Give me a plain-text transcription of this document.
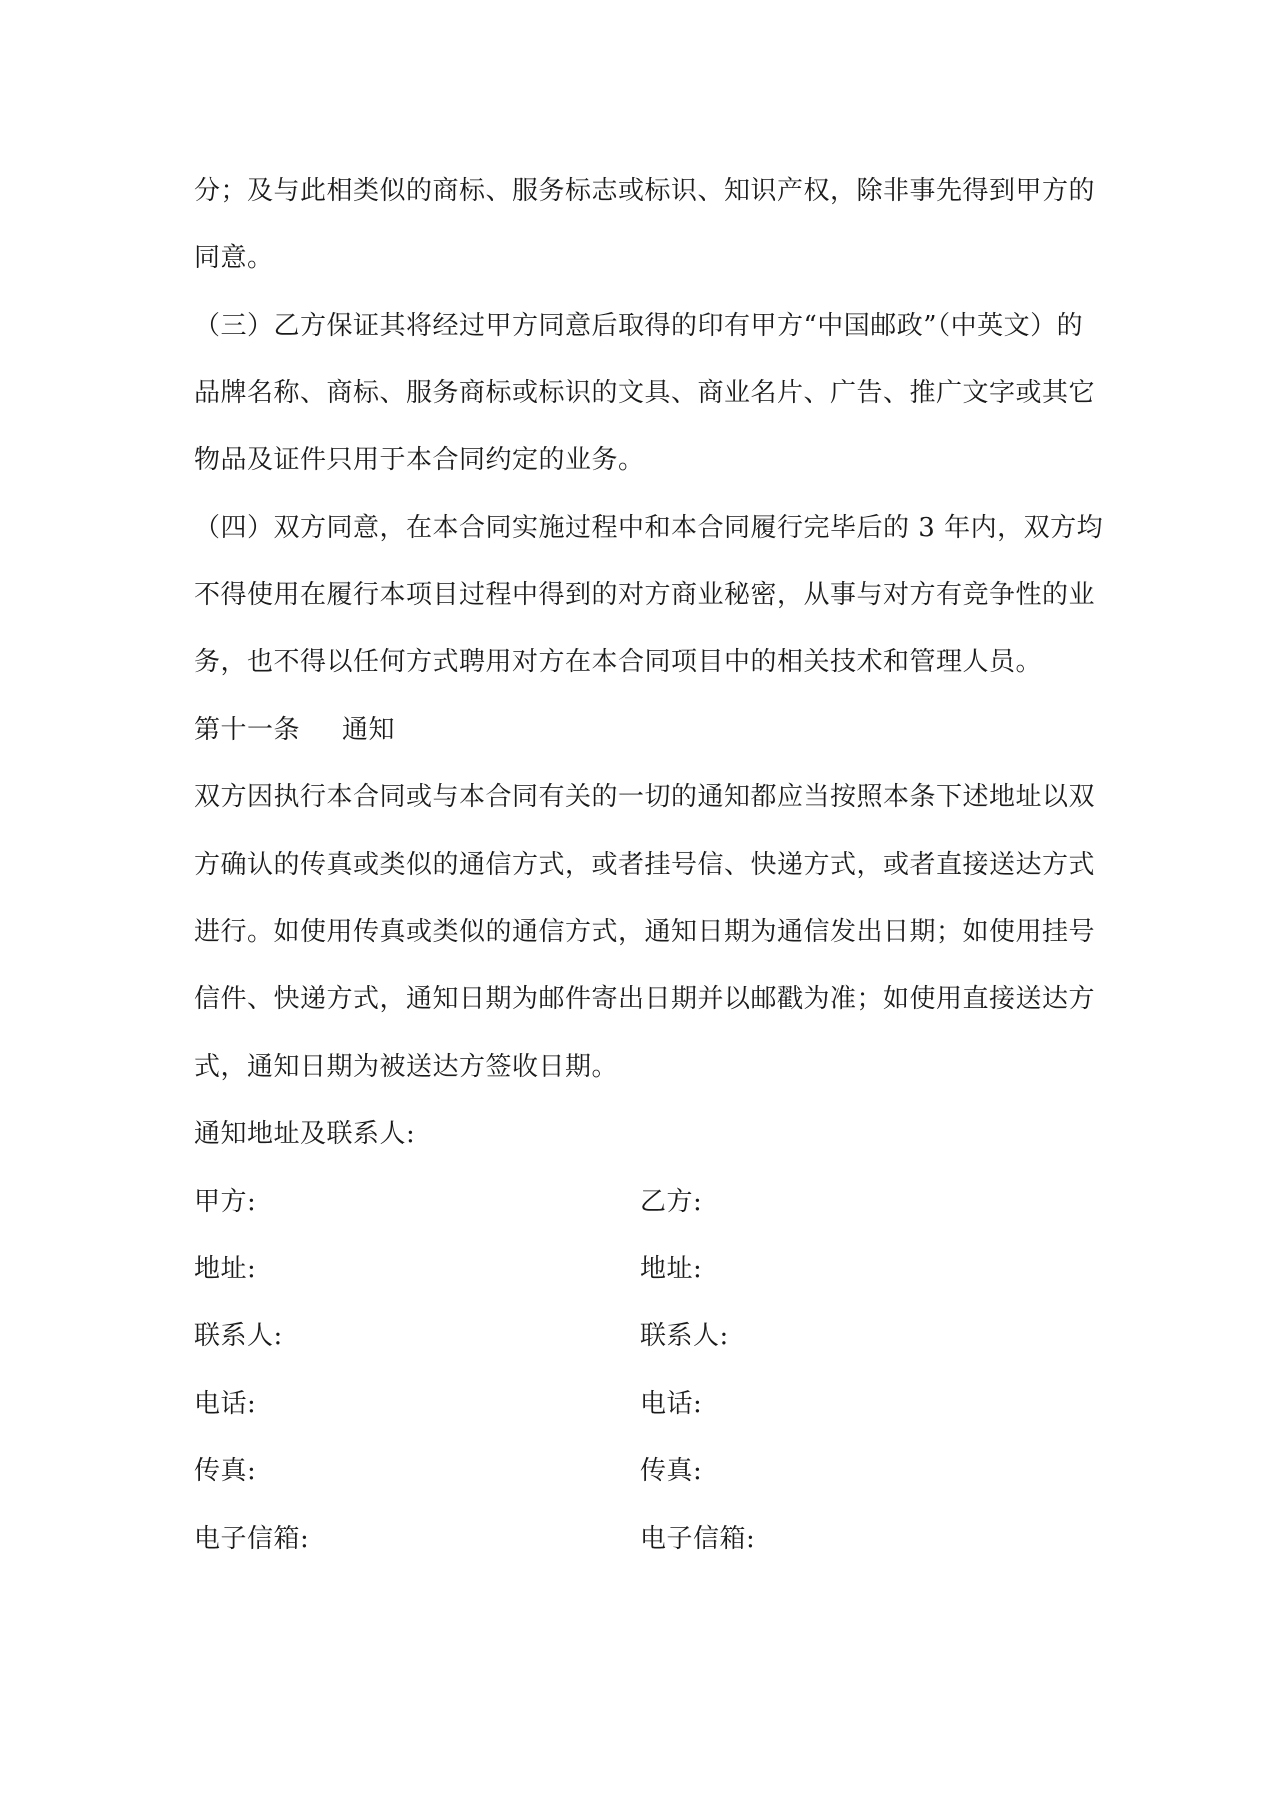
分；及与此相类似的商标、服务标志或标识、知识产权，除非事先得到甲方的
同意。
（三）乙方保证其将经过甲方同意后取得的印有甲方“中国邮政”（中英文）的
品牌名称、商标、服务商标或标识的文具、商业名片、广告、推广文字或其它
物品及证件只用于本合同约定的业务。
（四）双方同意，在本合同实施过程中和本合同履行完毕后的 3 年内，双方均
不得使用在履行本项目过程中得到的对方商业秘密，从事与对方有竞争性的业
务，也不得以任何方式聘用对方在本合同项目中的相关技术和管理人员。
第十一条 通知
双方因执行本合同或与本合同有关的一切的通知都应当按照本条下述地址以双
方确认的传真或类似的通信方式，或者挂号信、快递方式，或者直接送达方式
进行。如使用传真或类似的通信方式，通知日期为通信发出日期；如使用挂号
信件、快递方式，通知日期为邮件寄出日期并以邮戳为准；如使用直接送达方
式，通知日期为被送达方签收日期。
通知地址及联系人:
甲方:
地址:
联系人:
电话:
传真:
电子信箱:
乙方:
地址:
联系人:
电话:
传真:
电子信箱:
